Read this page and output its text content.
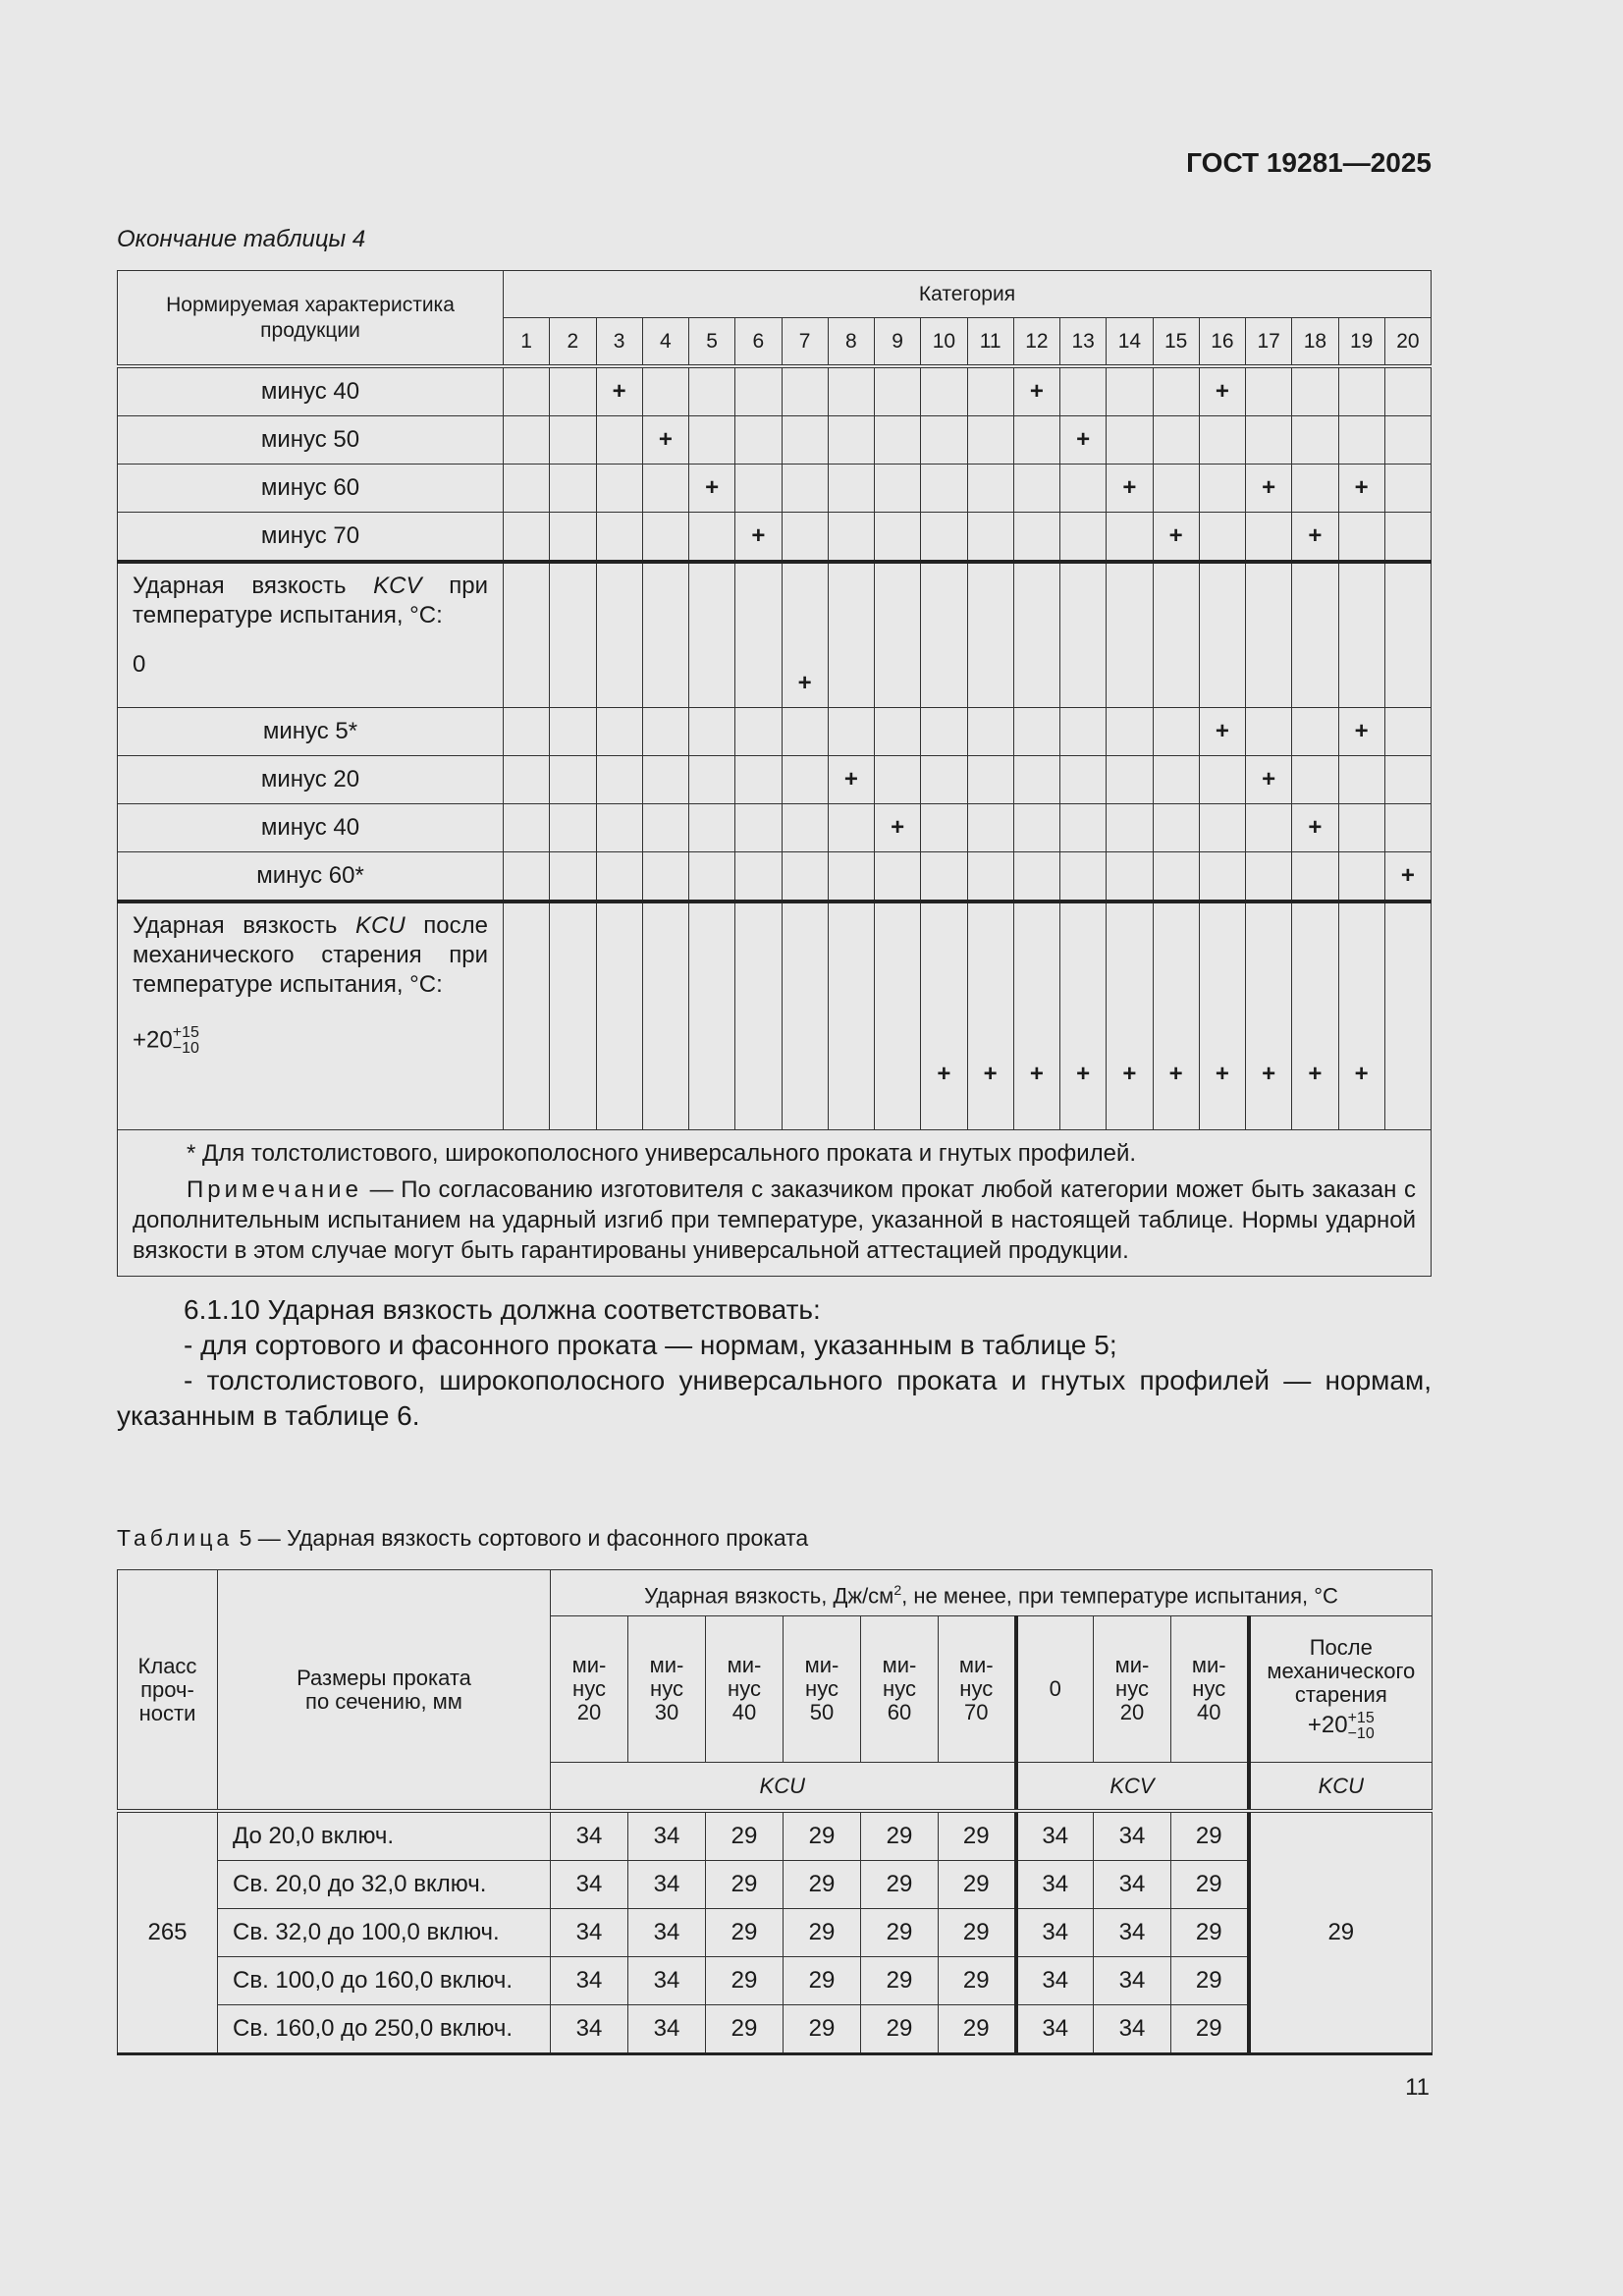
ГОСТ 19281—2025
Окончание таблицы 4
Нормируемая характеристика продукции	Категория																			
	1	2	3	4	5	6	7	8	9	10	11	12	13	14	15	16	17	18	19	20
минус 40			+									+				+				
минус 50				+									+							
минус 60					+									+			+		+	
минус 70						+									+			+		

Ударная вязкость KCV при температуре испытания, °С:
0							+													
минус 5*																+			+	
минус 20								+									+			
минус 40									+									+		
минус 60*																				+

Ударная вязкость KCU после механического старения при температуре испытания, °С:
+20 +15
−10										+	+	+	+	+	+	+	+	+	+	

* Для толстолистового, широкополосного универсального проката и гнутых профилей.

Примечание — По согласованию изготовителя с заказчиком прокат любой категории может быть заказан с дополнительным испытанием на ударный изгиб при температуре, указанной в настоящей таблице. Нормы ударной вязкости в этом случае могут быть гарантированы универсальной аттестацией продукции.																				

6.1.10 Ударная вязкость должна соответствовать:

- для сортового и фасонного проката — нормам, указанным в таблице 5;

- толстолистового, широкополосного универсального проката и гнутых профилей — нормам, указанным в таблице 6.

Таблица 5 — Ударная вязкость сортового и фасонного проката
Класс проч-ности	Размеры проката по сечению, мм	Ударная вязкость, $Дж/см^2$, не менее, при температуре испытания, °С									
		ми-нус 20	ми-нус 30	ми-нус 40	ми-нус 50	ми-нус 60	ми-нус 70	0	ми-нус 20	ми-нус 40	После механического старения
+20 +15
−10

		KCU						KCV			KCU
265	До 20,0 включ.	34	34	29	29	29	29	34	34	29	29
	Св. 20,0 до 32,0 включ.	34	34	29	29	29	29	34	34	29	
	Св. 32,0 до 100,0 включ.	34	34	29	29	29	29	34	34	29	
	Св. 100,0 до 160,0 включ.	34	34	29	29	29	29	34	34	29	
	Св. 160,0 до 250,0 включ.	34	34	29	29	29	29	34	34	29	
11
